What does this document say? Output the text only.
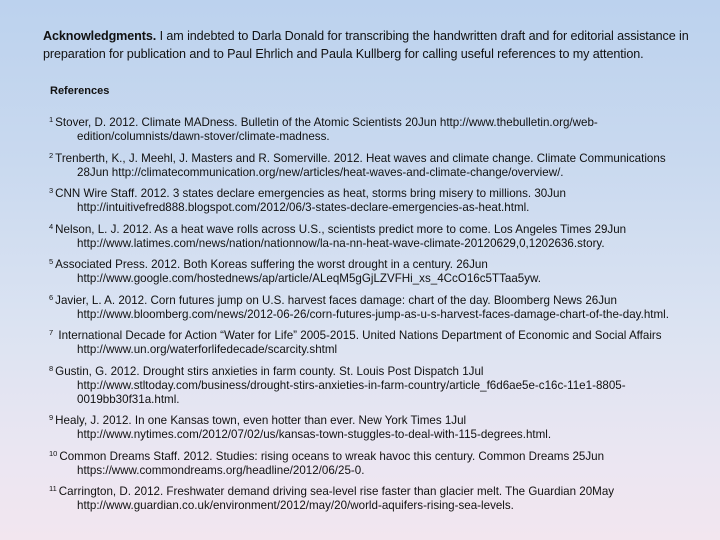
Acknowledgments. I am indebted to Darla Donald for transcribing the handwritten draft and for editorial assistance in preparation for publication and to Paul Ehrlich and Paula Kullberg for calling useful references to my attention.
References
$^1$ Stover, D. 2012. Climate MADness. Bulletin of the Atomic Scientists 20Jun http://www.thebulletin.org/web-edition/columnists/dawn-stover/climate-madness.
$^2$ Trenberth, K., J. Meehl, J. Masters and R. Somerville. 2012. Heat waves and climate change. Climate Communications 28Jun http://climatecommunication.org/new/articles/heat-waves-and-climate-change/overview/.
$^3$ CNN Wire Staff. 2012. 3 states declare emergencies as heat, storms bring misery to millions. 30Jun http://intuitivefred888.blogspot.com/2012/06/3-states-declare-emergencies-as-heat.html.
$^4$ Nelson, L. J. 2012. As a heat wave rolls across U.S., scientists predict more to come. Los Angeles Times 29Jun http://www.latimes.com/news/nation/nationnow/la-na-nn-heat-wave-climate-20120629,0,1202636.story.
$^5$ Associated Press. 2012. Both Koreas suffering the worst drought in a century. 26Jun http://www.google.com/hostednews/ap/article/ALeqM5gGjLZVFHi_xs_4CcO16c5TTaa5yw.
$^6$ Javier, L. A. 2012. Corn futures jump on U.S. harvest faces damage: chart of the day. Bloomberg News 26Jun http://www.bloomberg.com/news/2012-06-26/corn-futures-jump-as-u-s-harvest-faces-damage-chart-of-the-day.html.
$^7$ International Decade for Action “Water for Life” 2005-2015. United Nations Department of Economic and Social Affairs http://www.un.org/waterforlifedecade/scarcity.shtml
$^8$ Gustin, G. 2012. Drought stirs anxieties in farm county. St. Louis Post Dispatch 1Jul http://www.stltoday.com/business/drought-stirs-anxieties-in-farm-country/article_f6d6ae5e-c16c-11e1-8805-0019bb30f31a.html.
$^9$ Healy, J. 2012. In one Kansas town, even hotter than ever. New York Times 1Jul http://www.nytimes.com/2012/07/02/us/kansas-town-stuggles-to-deal-with-115-degrees.html.
$^{10}$ Common Dreams Staff. 2012. Studies: rising oceans to wreak havoc this century. Common Dreams 25Jun https://www.commondreams.org/headline/2012/06/25-0.
$^{11}$ Carrington, D. 2012. Freshwater demand driving sea-level rise faster than glacier melt. The Guardian 20May http://www.guardian.co.uk/environment/2012/may/20/world-aquifers-rising-sea-levels.
